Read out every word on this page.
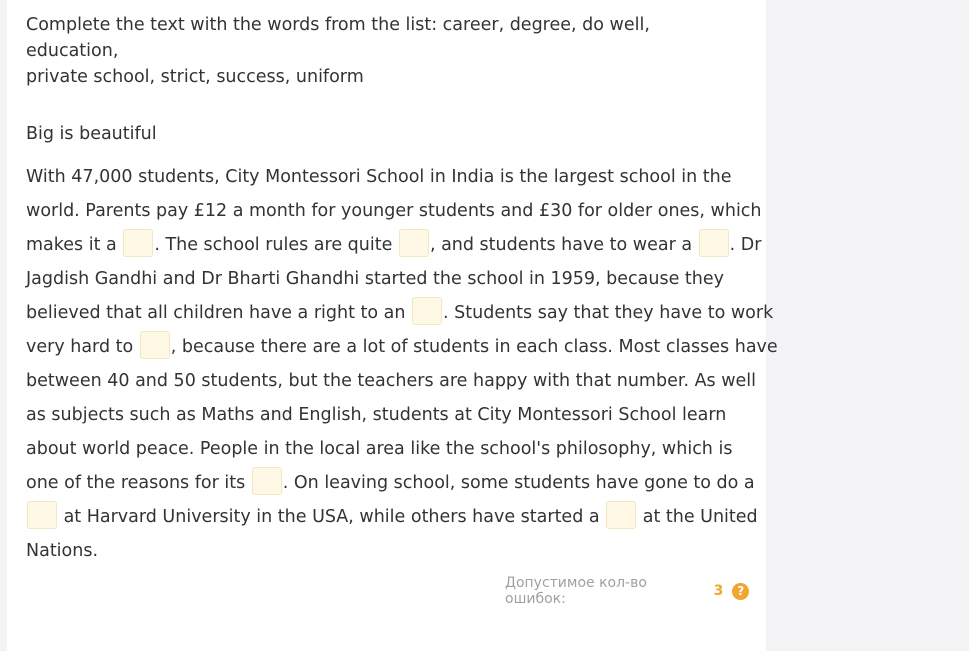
Complete the text with the words from the list: career, degree, do well, education,
private school, strict, success, uniform
Big is beautiful
With 47,000 students, City Montessori School in India is the largest school in the
world. Parents pay £12 a month for younger students and £30 for older ones, which
makes it a . The school rules are quite , and students have to wear a . Dr
Jagdish Gandhi and Dr Bharti Ghandhi started the school in 1959, because they
believed that all children have a right to an . Students say that they have to work
very hard to , because there are a lot of students in each class. Most classes have
between 40 and 50 students, but the teachers are happy with that number. As well
as subjects such as Maths and English, students at City Montessori School learn
about world peace. People in the local area like the school's philosophy, which is
one of the reasons for its . On leaving school, some students have gone to do a
at Harvard University in the USA, while others have started a  at the United
Nations.
Допустимое кол-во ошибок:	3	?
